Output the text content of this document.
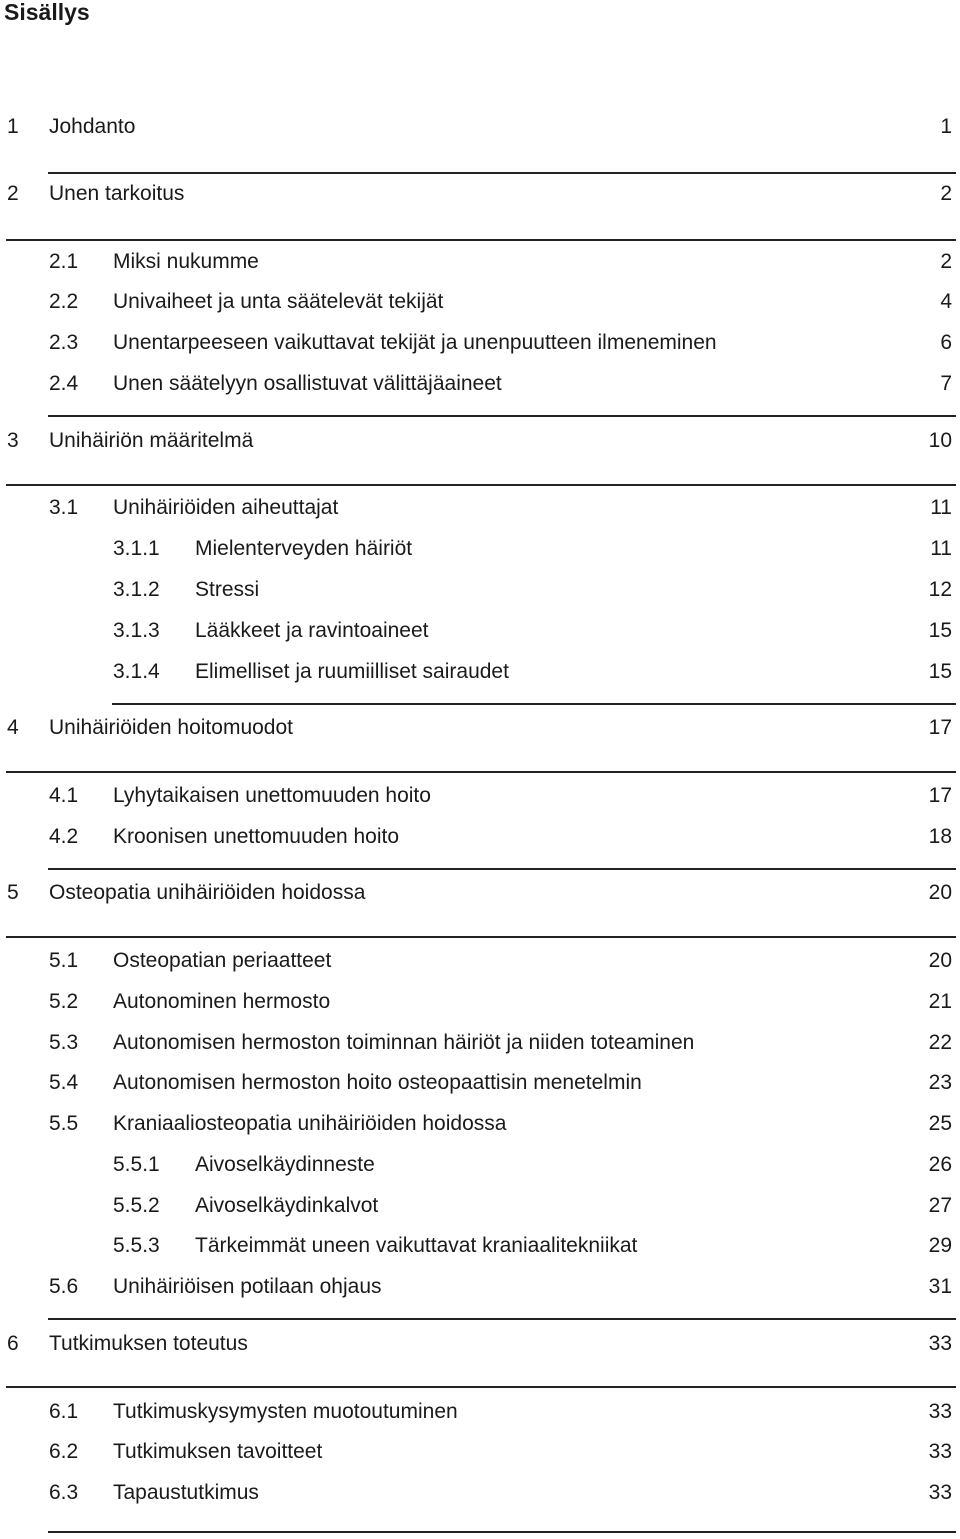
Sisällys
1 Johdanto	1
2 Unen tarkoitus	2
2.1 Miksi nukumme	2
2.2 Univaiheet ja unta säätelevät tekijät	4
2.3 Unentarpeeseen vaikuttavat tekijät ja unenpuutteen ilmeneminen	6
2.4 Unen säätelyyn osallistuvat välittäjäaineet	7
3 Unihäiriön määritelmä	10
3.1 Unihäiriöiden aiheuttajat	11
3.1.1 Mielenterveyden häiriöt	11
3.1.2 Stressi	12
3.1.3 Lääkkeet ja ravintoaineet	15
3.1.4 Elimelliset ja ruumiilliset sairaudet	15
4 Unihäiriöiden hoitomuodot	17
4.1 Lyhytaikaisen unettomuuden hoito	17
4.2 Kroonisen unettomuuden hoito	18
5 Osteopatia unihäiriöiden hoidossa	20
5.1 Osteopatian periaatteet	20
5.2 Autonominen hermosto	21
5.3 Autonomisen hermoston toiminnan häiriöt ja niiden toteaminen	22
5.4 Autonomisen hermoston hoito osteopaattisin menetelmin	23
5.5 Kraniaaliosteopatia unihäiriöiden hoidossa	25
5.5.1 Aivoselkäydinneste	26
5.5.2 Aivoselkäydinkalvot	27
5.5.3 Tärkeimmät uneen vaikuttavat kraniaalitekniikat	29
5.6 Unihäiriöisen potilaan ohjaus	31
6 Tutkimuksen toteutus	33
6.1 Tutkimuskysymysten muotoutuminen	33
6.2 Tutkimuksen tavoitteet	33
6.3 Tapaustutkimus	33
